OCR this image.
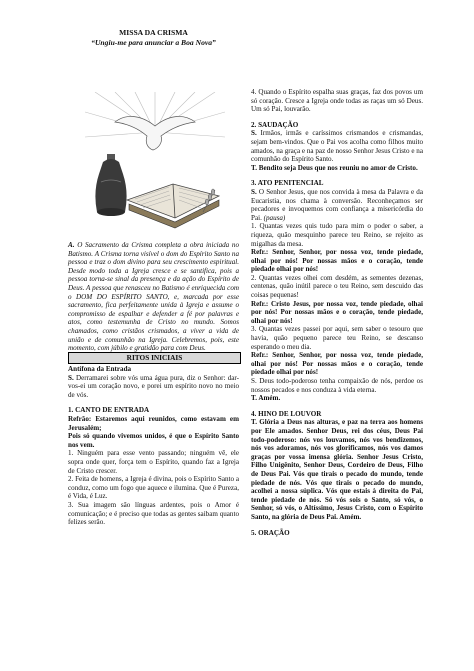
MISSA DA CRISMA
“Ungiu-me para anunciar a Boa Nova”

A. O Sacramento da Crisma completa a obra iniciada no Batismo. A Crisma torna visível o dom do Espírito Santo na pessoa e traz o dom divino para seu crescimento espiritual. Desde modo toda a Igreja cresce e se santifica, pois a pessoa torna-se sinal da presença e da ação do Espírito de Deus. A pessoa que renasceu no Batismo é enriquecida com o DOM DO ESPÍRITO SANTO, e, marcada por esse sacramento, fica perfeitamente unida à Igreja e assume o compromisso de espalhar e defender a fé por palavras e atos, como testemunha de Cristo no mundo. Somos chamados, como cristãos crismados, a viver a vida de união e de comunhão na Igreja. Celebremos, pois, este momento, com júbilo e gratidão para com Deus.

RITOS INICIAIS

Antífona da Entrada

S. Derramarei sobre vós uma água pura, diz o Senhor: dar-vos-ei um coração novo, e porei um espírito novo no meio de vós.

1. CANTO DE ENTRADA

Refrão: Estaremos aqui reunidos, como estavam em Jerusalém;

Pois só quando vivemos unidos, é que o Espírito Santo nos vem.

1. Ninguém para esse vento passando; ninguém vê, ele sopra onde quer, força tem o Espírito, quando faz a Igreja de Cristo crescer.

2. Feita de homens, a Igreja é divina, pois o Espírito Santo a conduz, como um fogo que aquece e ilumina. Que é Pureza, é Vida, é Luz.

3. Sua imagem são línguas ardentes, pois o Amor é comunicação; e é preciso que todas as gentes saibam quanto felizes serão.

4. Quando o Espírito espalha suas graças, faz dos povos um só coração. Cresce a Igreja onde todas as raças um só Deus. Um só Pai, louvarão.

2. SAUDAÇÃO

S. Irmãos, irmãs e caríssimos crismandos e crismandas, sejam bem-vindos. Que o Pai vos acolha como filhos muito amados, na graça e na paz de nosso Senhor Jesus Cristo e na comunhão do Espírito Santo.

T. Bendito seja Deus que nos reuniu no amor de Cristo.

3. ATO PENITENCIAL

S. O Senhor Jesus, que nos convida à mesa da Palavra e da Eucaristia, nos chama à conversão. Reconheçamos ser pecadores e invoquemos com confiança a misericórdia do Pai. (pausa)

1. Quantas vezes quis tudo para mim o poder o saber, a riqueza, quão mesquinho parece teu Reino, se rejeito as migalhas da mesa.

Refr.: Senhor, Senhor, por nossa voz, tende piedade, olhai por nós! Por nossas mãos e o coração, tende piedade olhai por nós!

2. Quantas vezes olhei com desdém, as sementes dezenas, centenas, quão inútil parece o teu Reino, sem descuido das coisas pequenas!

Refr.: Cristo Jesus, por nossa voz, tende piedade, olhai por nós! Por nossas mãos e o coração, tende piedade, olhai por nós!

3. Quantas vezes passei por aqui, sem saber o tesouro que havia, quão pequeno parece teu Reino, se descanso esperando o meu dia.

Refr.: Senhor, Senhor, por nossa voz, tende piedade, olhai por nós! Por nossas mãos e o coração, tende piedade olhai por nós!

S. Deus todo-poderoso tenha compaixão de nós, perdoe os nossos pecados e nos conduza à vida eterna.

T. Amém.

4. HINO DE LOUVOR

T. Glória a Deus nas alturas, e paz na terra aos homens por Ele amados. Senhor Deus, rei dos céus, Deus Pai todo-poderoso: nós vos louvamos, nós vos bendizemos, nós vos adoramos, nós vos glorificamos, nós vos damos graças por vossa imensa glória. Senhor Jesus Cristo, Filho Unigênito, Senhor Deus, Cordeiro de Deus, Filho de Deus Pai. Vós que tirais o pecado do mundo, tende piedade de nós. Vós que tirais o pecado do mundo, acolhei a nossa súplica. Vós que estais à direita do Pai, tende piedade de nós. Só vós sois o Santo, só vós, o Senhor, só vós, o Altíssimo, Jesus Cristo, com o Espírito Santo, na glória de Deus Pai. Amém.

5. ORAÇÃO
